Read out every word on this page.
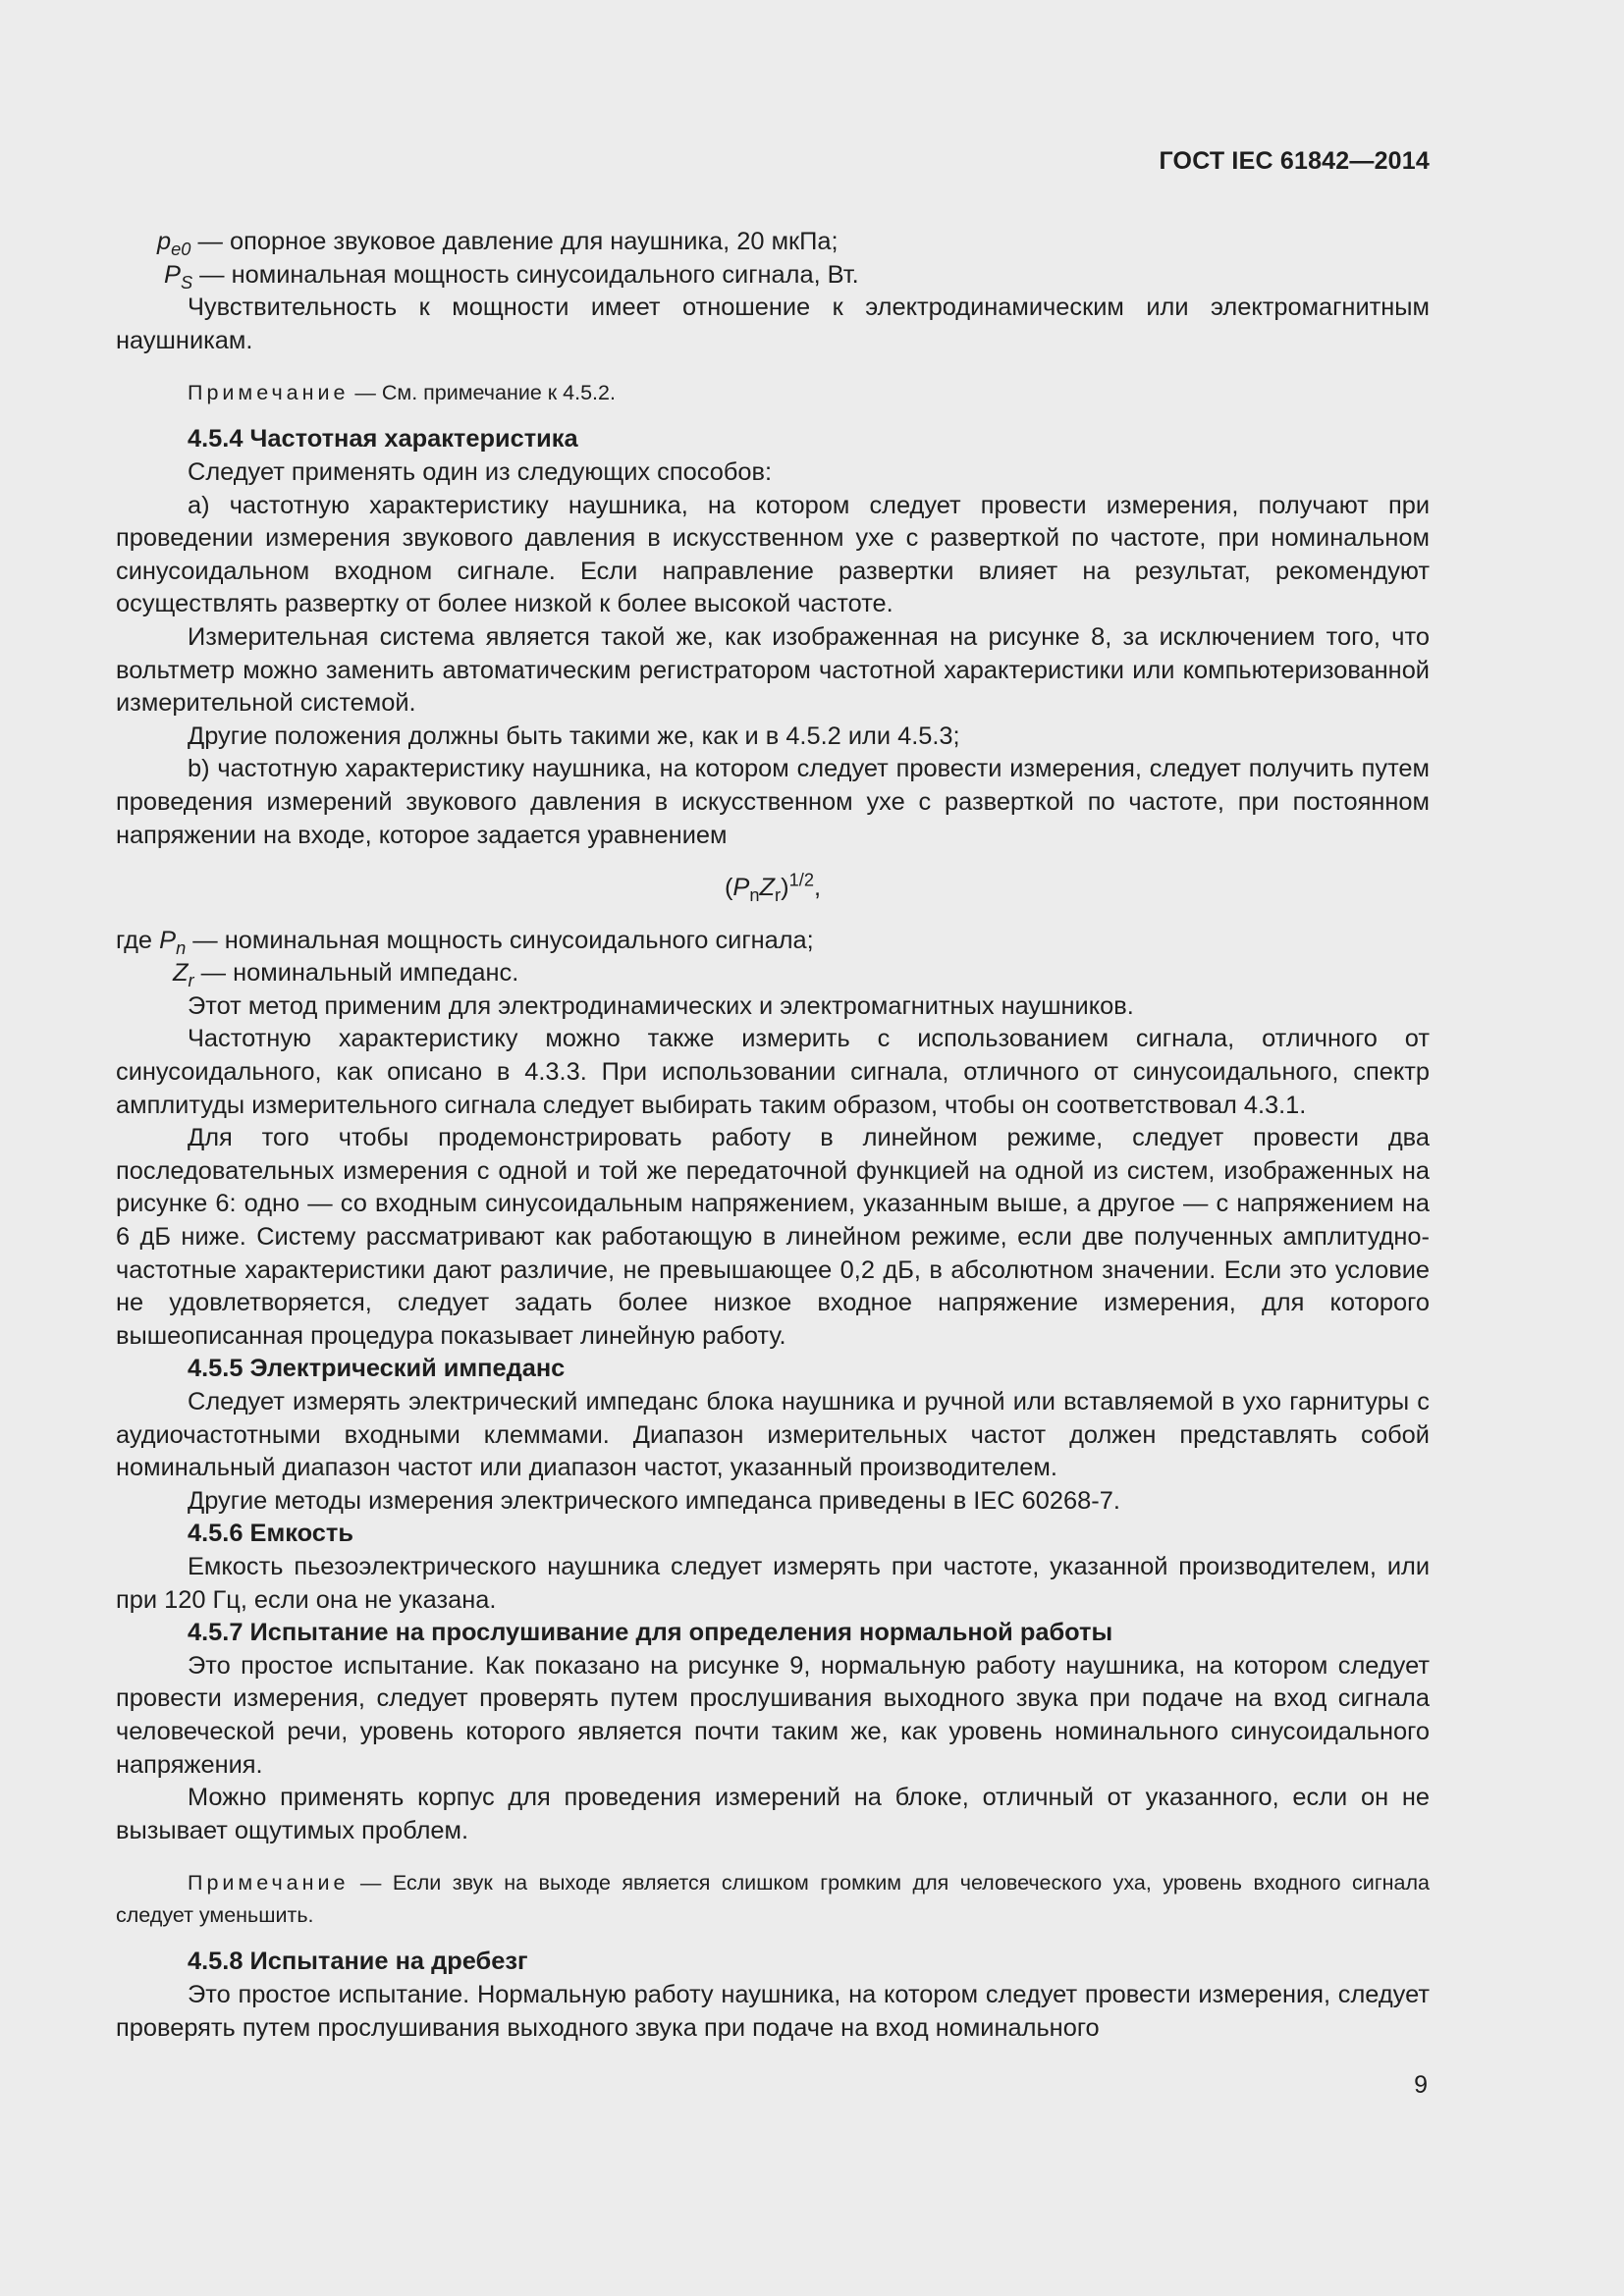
ГОСТ IEC 61842—2014

$p_{e0}$ — опорное звуковое давление для наушника, 20 мкПа;

$P_S$ — номинальная мощность синусоидального сигнала, Вт.

Чувствительность к мощности имеет отношение к электродинамическим или электромагнитным наушникам.

Примечание — См. примечание к 4.5.2.

4.5.4 Частотная характеристика

Следует применять один из следующих способов:

a) частотную характеристику наушника, на котором следует провести измерения, получают при проведении измерения звукового давления в искусственном ухе с разверткой по частоте, при номинальном синусоидальном входном сигнале. Если направление развертки влияет на результат, рекомендуют осуществлять развертку от более низкой к более высокой частоте.

Измерительная система является такой же, как изображенная на рисунке 8, за исключением того, что вольтметр можно заменить автоматическим регистратором частотной характеристики или компьютеризованной измерительной системой.

Другие положения должны быть такими же, как и в 4.5.2 или 4.5.3;

b) частотную характеристику наушника, на котором следует провести измерения, следует получить путем проведения измерений звукового давления в искусственном ухе с разверткой по частоте, при постоянном напряжении на входе, которое задается уравнением

$(P_nZ_r)^{1/2}$,

где $P_n$ — номинальная мощность синусоидального сигнала;

$Z_r$ — номинальный импеданс.

Этот метод применим для электродинамических и электромагнитных наушников.

Частотную характеристику можно также измерить с использованием сигнала, отличного от синусоидального, как описано в 4.3.3. При использовании сигнала, отличного от синусоидального, спектр амплитуды измерительного сигнала следует выбирать таким образом, чтобы он соответствовал 4.3.1.

Для того чтобы продемонстрировать работу в линейном режиме, следует провести два последовательных измерения с одной и той же передаточной функцией на одной из систем, изображенных на рисунке 6: одно — со входным синусоидальным напряжением, указанным выше, а другое — с напряжением на 6 дБ ниже. Систему рассматривают как работающую в линейном режиме, если две полученных амплитудно-частотные характеристики дают различие, не превышающее 0,2 дБ, в абсолютном значении. Если это условие не удовлетворяется, следует задать более низкое входное напряжение измерения, для которого вышеописанная процедура показывает линейную работу.

4.5.5 Электрический импеданс

Следует измерять электрический импеданс блока наушника и ручной или вставляемой в ухо гарнитуры с аудиочастотными входными клеммами. Диапазон измерительных частот должен представлять собой номинальный диапазон частот или диапазон частот, указанный производителем.

Другие методы измерения электрического импеданса приведены в IEC 60268-7.

4.5.6 Емкость

Емкость пьезоэлектрического наушника следует измерять при частоте, указанной производителем, или при 120 Гц, если она не указана.

4.5.7 Испытание на прослушивание для определения нормальной работы

Это простое испытание. Как показано на рисунке 9, нормальную работу наушника, на котором следует провести измерения, следует проверять путем прослушивания выходного звука при подаче на вход сигнала человеческой речи, уровень которого является почти таким же, как уровень номинального синусоидального напряжения.

Можно применять корпус для проведения измерений на блоке, отличный от указанного, если он не вызывает ощутимых проблем.

Примечание — Если звук на выходе является слишком громким для человеческого уха, уровень входного сигнала следует уменьшить.

4.5.8 Испытание на дребезг

Это простое испытание. Нормальную работу наушника, на котором следует провести измерения, следует проверять путем прослушивания выходного звука при подаче на вход номинального

9
